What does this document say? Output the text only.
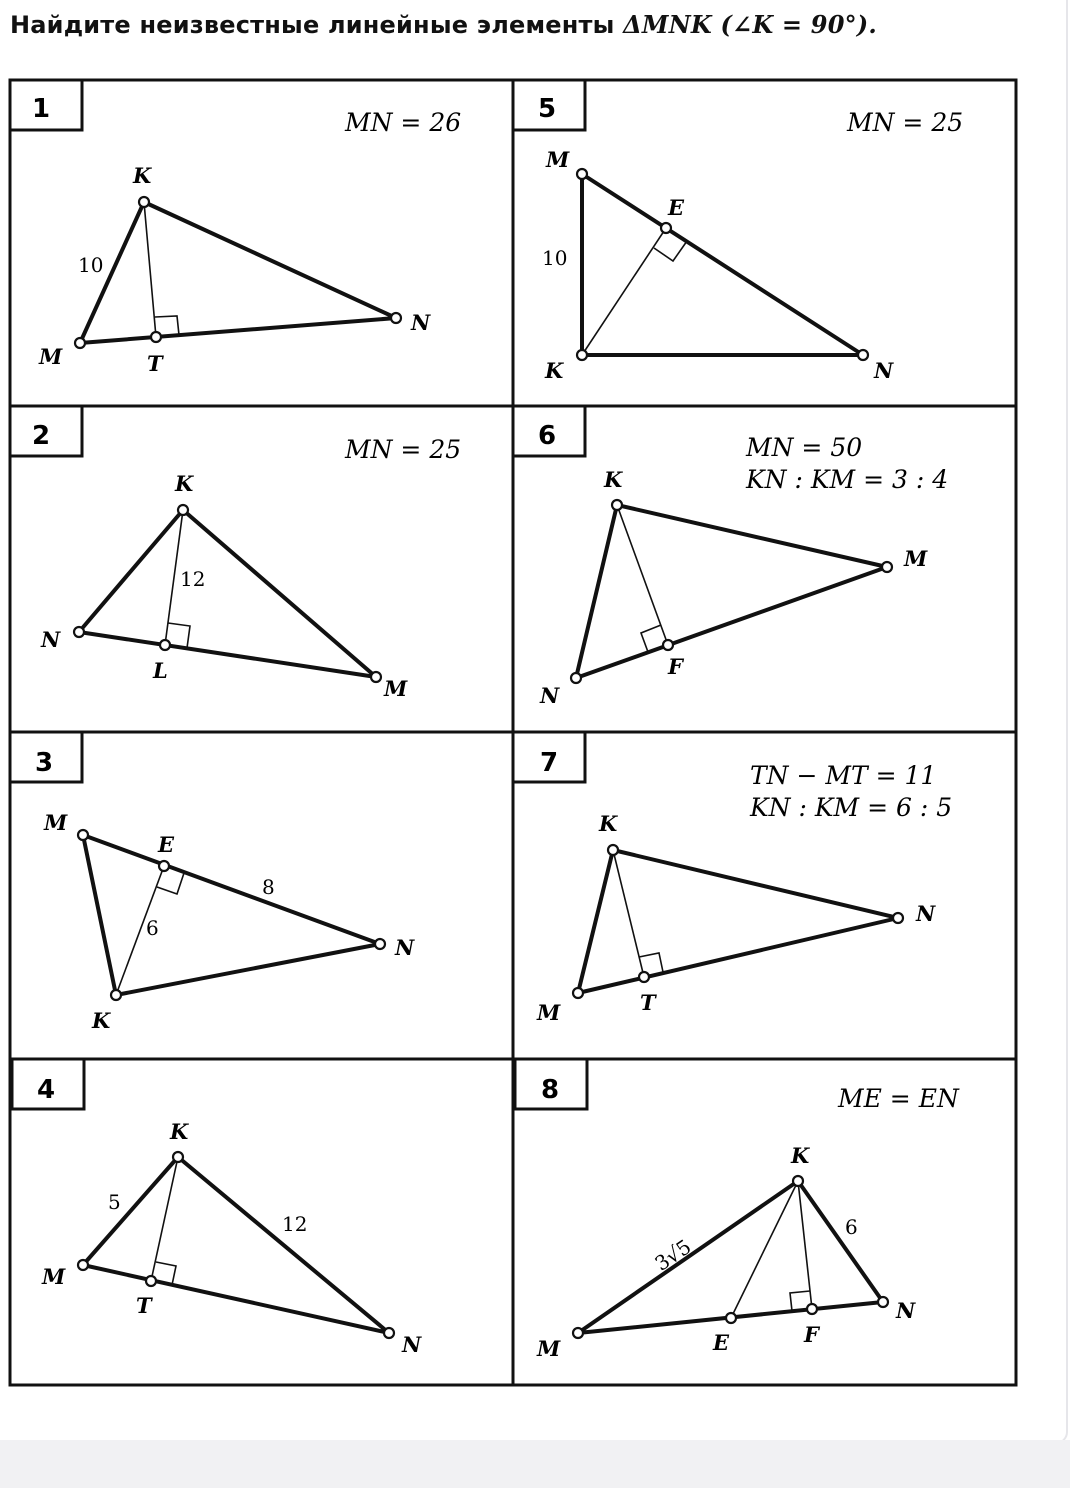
Найдите неизвестные линейные элементы ΔMNK (∠K = 90°).
1	MN = 26
K
M
N
T
10
2	MN = 25
K
N
M
L
12
3
M
E
N
K
8
6
4
K
M
T
N
5
12
5	MN = 25
M
E
K	N
10
6	MN = 50
KN : KM = 3 : 4
K
M
N
F
7	TN − MT = 11
KN : KM = 6 : 5
K
N
M	T
8	ME = EN
K
M
N
E	F
3√5
6
